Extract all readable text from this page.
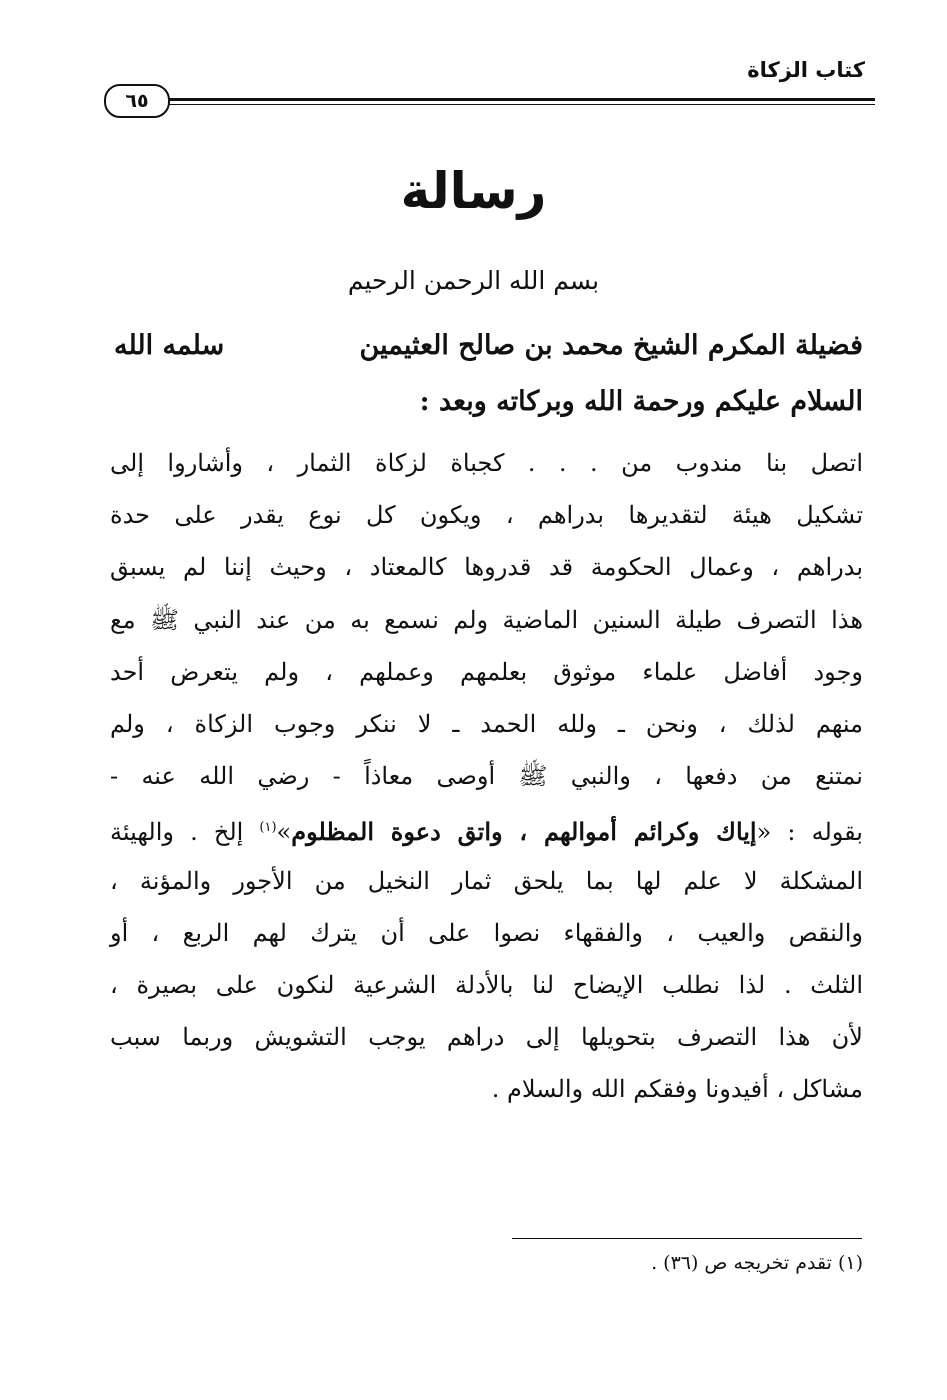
كتاب الزكاة
٦٥
رسالة
بسم الله الرحمن الرحيم
فضيلة المكرم الشيخ محمد بن صالح العثيمين
سلمه الله
السلام عليكم ورحمة الله وبركاته وبعد :
اتصل بنا مندوب من . . . كجباة لزكاة الثمار ، وأشاروا إلى
تشكيل هيئة لتقديرها بدراهم ، ويكون كل نوع يقدر على حدة
بدراهم ، وعمال الحكومة قد قدروها كالمعتاد ، وحيث إننا لم يسبق
هذا التصرف طيلة السنين الماضية ولم نسمع به من عند النبي ﷺ مع
وجود أفاضل علماء موثوق بعلمهم وعملهم ، ولم يتعرض أحد
منهم لذلك ، ونحن ـ ولله الحمد ـ لا ننكر وجوب الزكاة ، ولم
نمتنع من دفعها ، والنبي ﷺ أوصى معاذاً - رضي الله عنه -
بقوله : «إياك وكرائم أموالهم ، واتق دعوة المظلوم»$^{(١)}$ إلخ . والهيئة
المشكلة لا علم لها بما يلحق ثمار النخيل من الأجور والمؤنة ،
والنقص والعيب ، والفقهاء نصوا على أن يترك لهم الربع ، أو
الثلث . لذا نطلب الإيضاح لنا بالأدلة الشرعية لنكون على بصيرة ،
لأن هذا التصرف بتحويلها إلى دراهم يوجب التشويش وربما سبب
مشاكل ، أفيدونا وفقكم الله والسلام .
(١) تقدم تخريجه ص (٣٦) .
